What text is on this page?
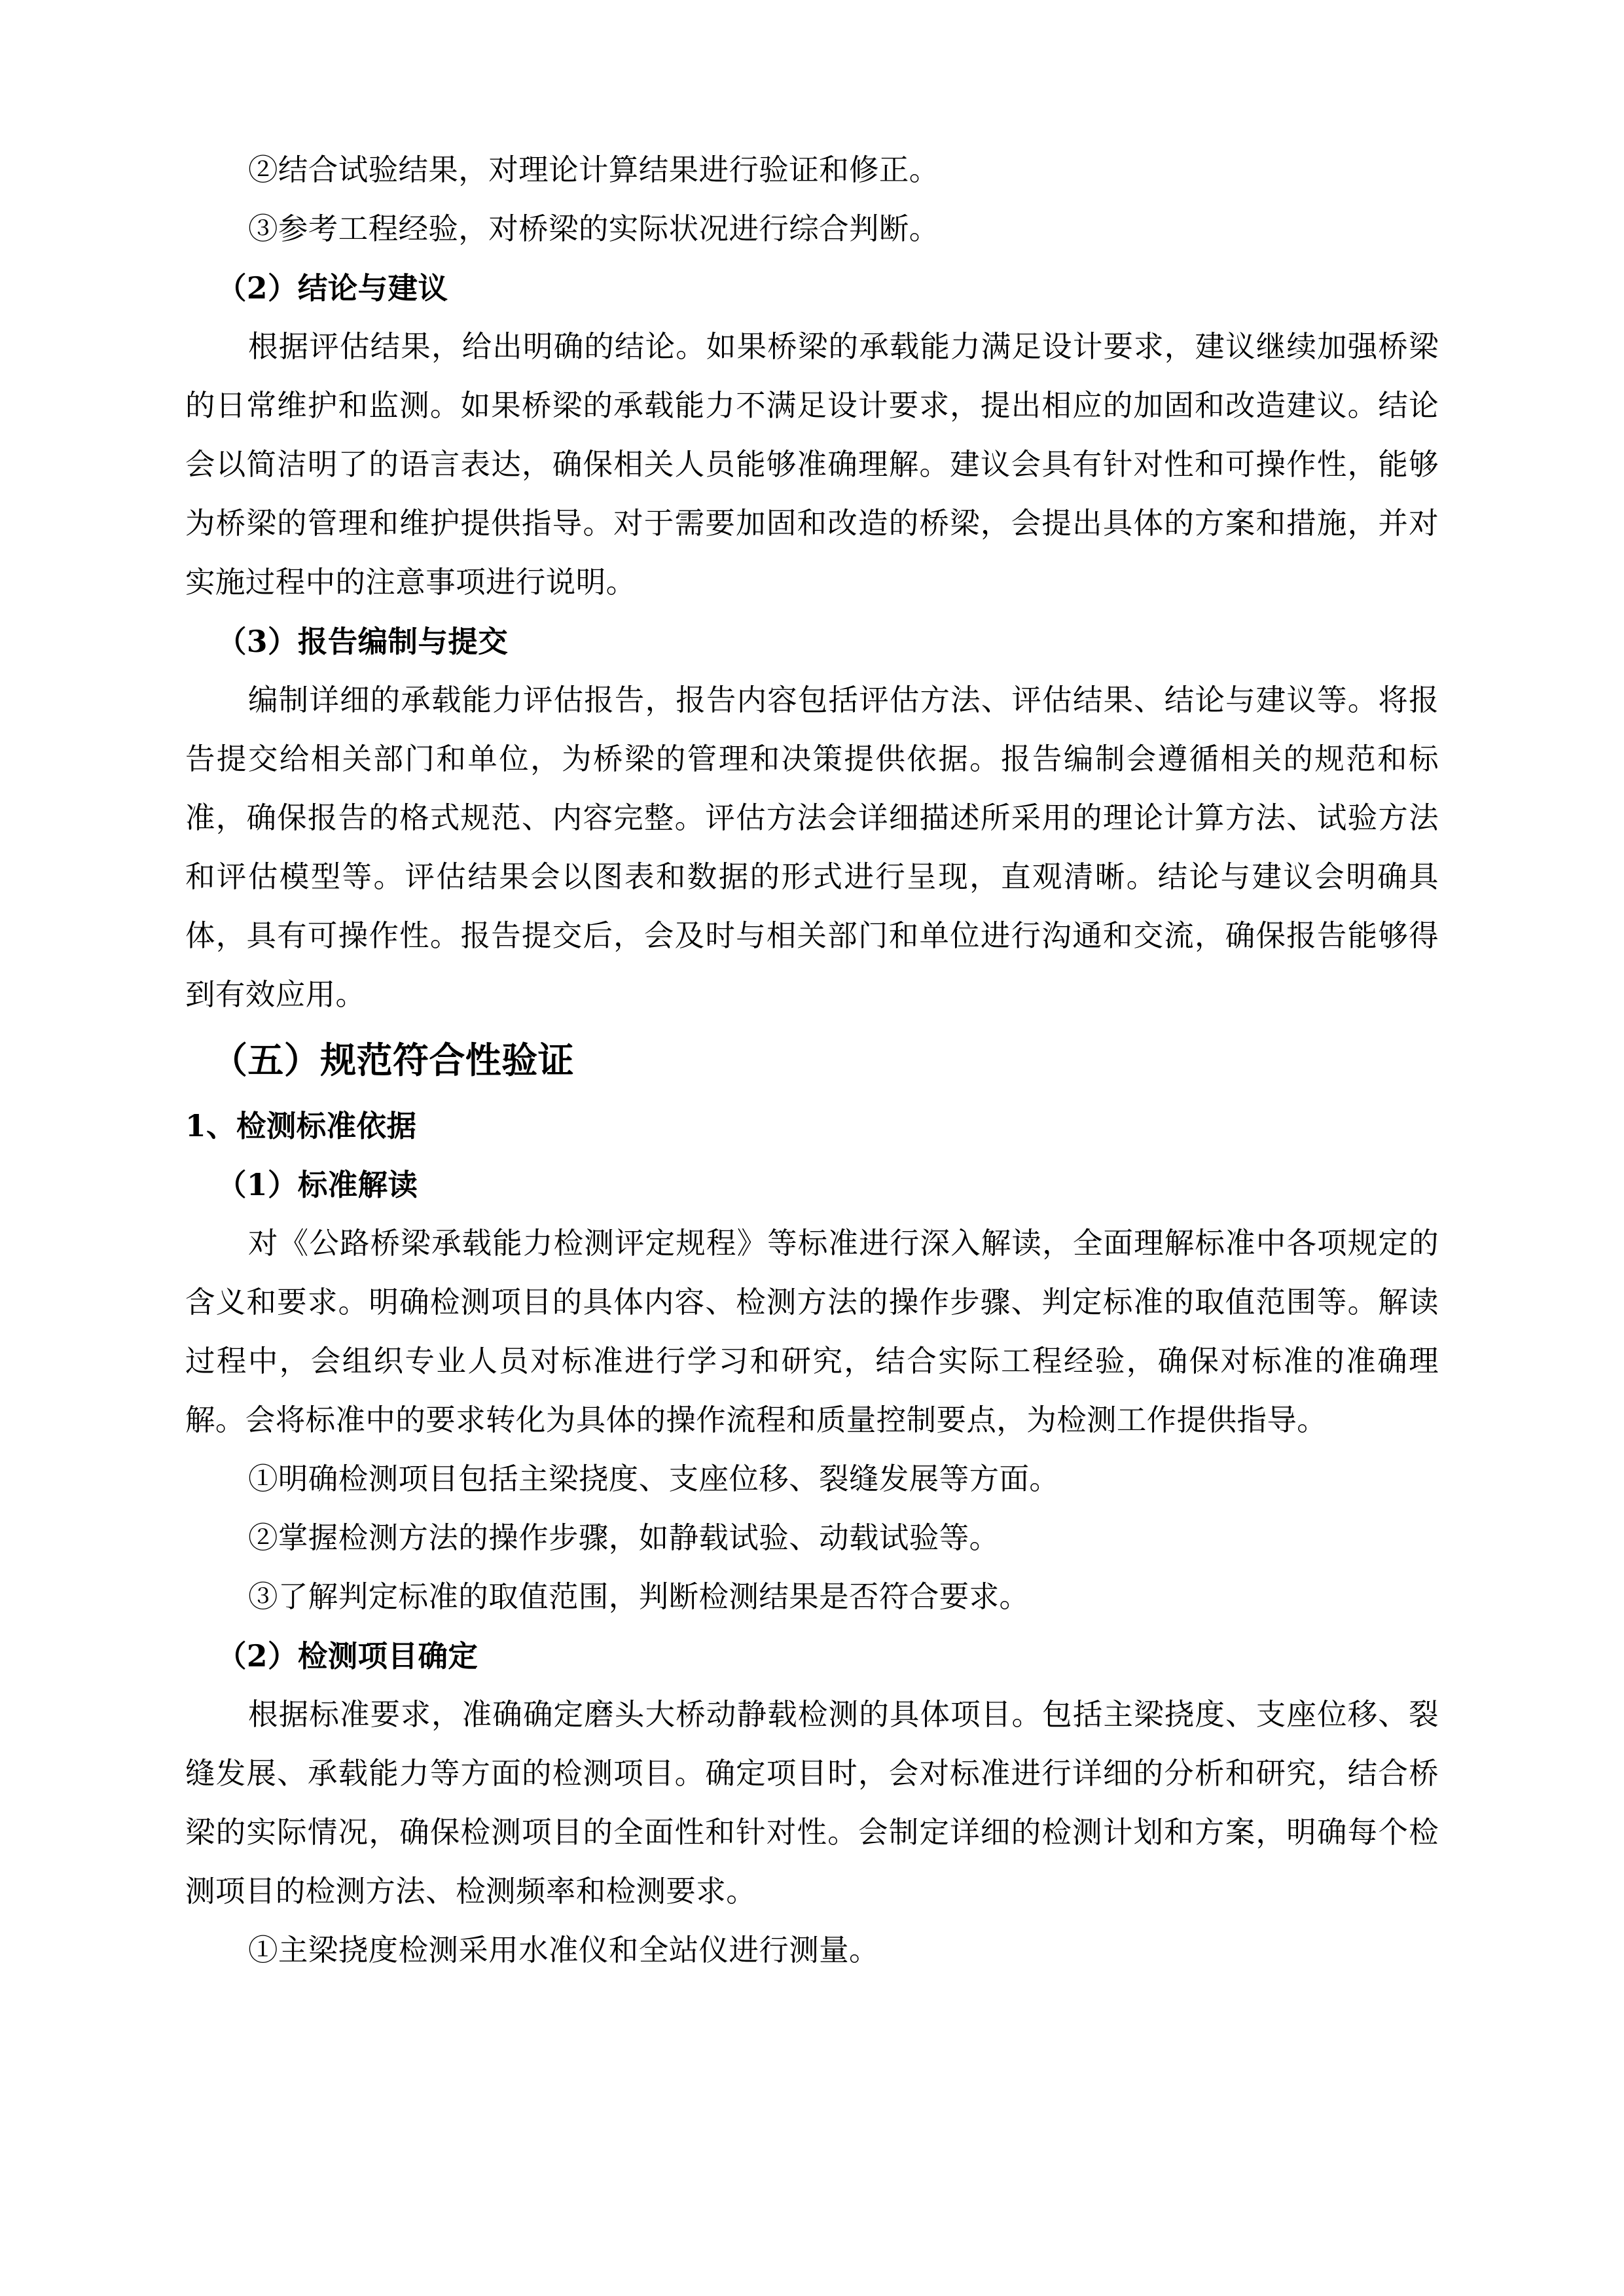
②结合试验结果，对理论计算结果进行验证和修正。

③参考工程经验，对桥梁的实际状况进行综合判断。

（2）结论与建议

根据评估结果，给出明确的结论。如果桥梁的承载能力满足设计要求，建议继续加强桥梁的日常维护和监测。如果桥梁的承载能力不满足设计要求，提出相应的加固和改造建议。结论会以简洁明了的语言表达，确保相关人员能够准确理解。建议会具有针对性和可操作性，能够为桥梁的管理和维护提供指导。对于需要加固和改造的桥梁，会提出具体的方案和措施，并对实施过程中的注意事项进行说明。

（3）报告编制与提交

编制详细的承载能力评估报告，报告内容包括评估方法、评估结果、结论与建议等。将报告提交给相关部门和单位，为桥梁的管理和决策提供依据。报告编制会遵循相关的规范和标准，确保报告的格式规范、内容完整。评估方法会详细描述所采用的理论计算方法、试验方法和评估模型等。评估结果会以图表和数据的形式进行呈现，直观清晰。结论与建议会明确具体，具有可操作性。报告提交后，会及时与相关部门和单位进行沟通和交流，确保报告能够得到有效应用。

（五）规范符合性验证

1、检测标准依据

（1）标准解读

对《公路桥梁承载能力检测评定规程》等标准进行深入解读，全面理解标准中各项规定的含义和要求。明确检测项目的具体内容、检测方法的操作步骤、判定标准的取值范围等。解读过程中，会组织专业人员对标准进行学习和研究，结合实际工程经验，确保对标准的准确理解。会将标准中的要求转化为具体的操作流程和质量控制要点，为检测工作提供指导。

①明确检测项目包括主梁挠度、支座位移、裂缝发展等方面。

②掌握检测方法的操作步骤，如静载试验、动载试验等。

③了解判定标准的取值范围，判断检测结果是否符合要求。

（2）检测项目确定

根据标准要求，准确确定磨头大桥动静载检测的具体项目。包括主梁挠度、支座位移、裂缝发展、承载能力等方面的检测项目。确定项目时，会对标准进行详细的分析和研究，结合桥梁的实际情况，确保检测项目的全面性和针对性。会制定详细的检测计划和方案，明确每个检测项目的检测方法、检测频率和检测要求。

①主梁挠度检测采用水准仪和全站仪进行测量。
